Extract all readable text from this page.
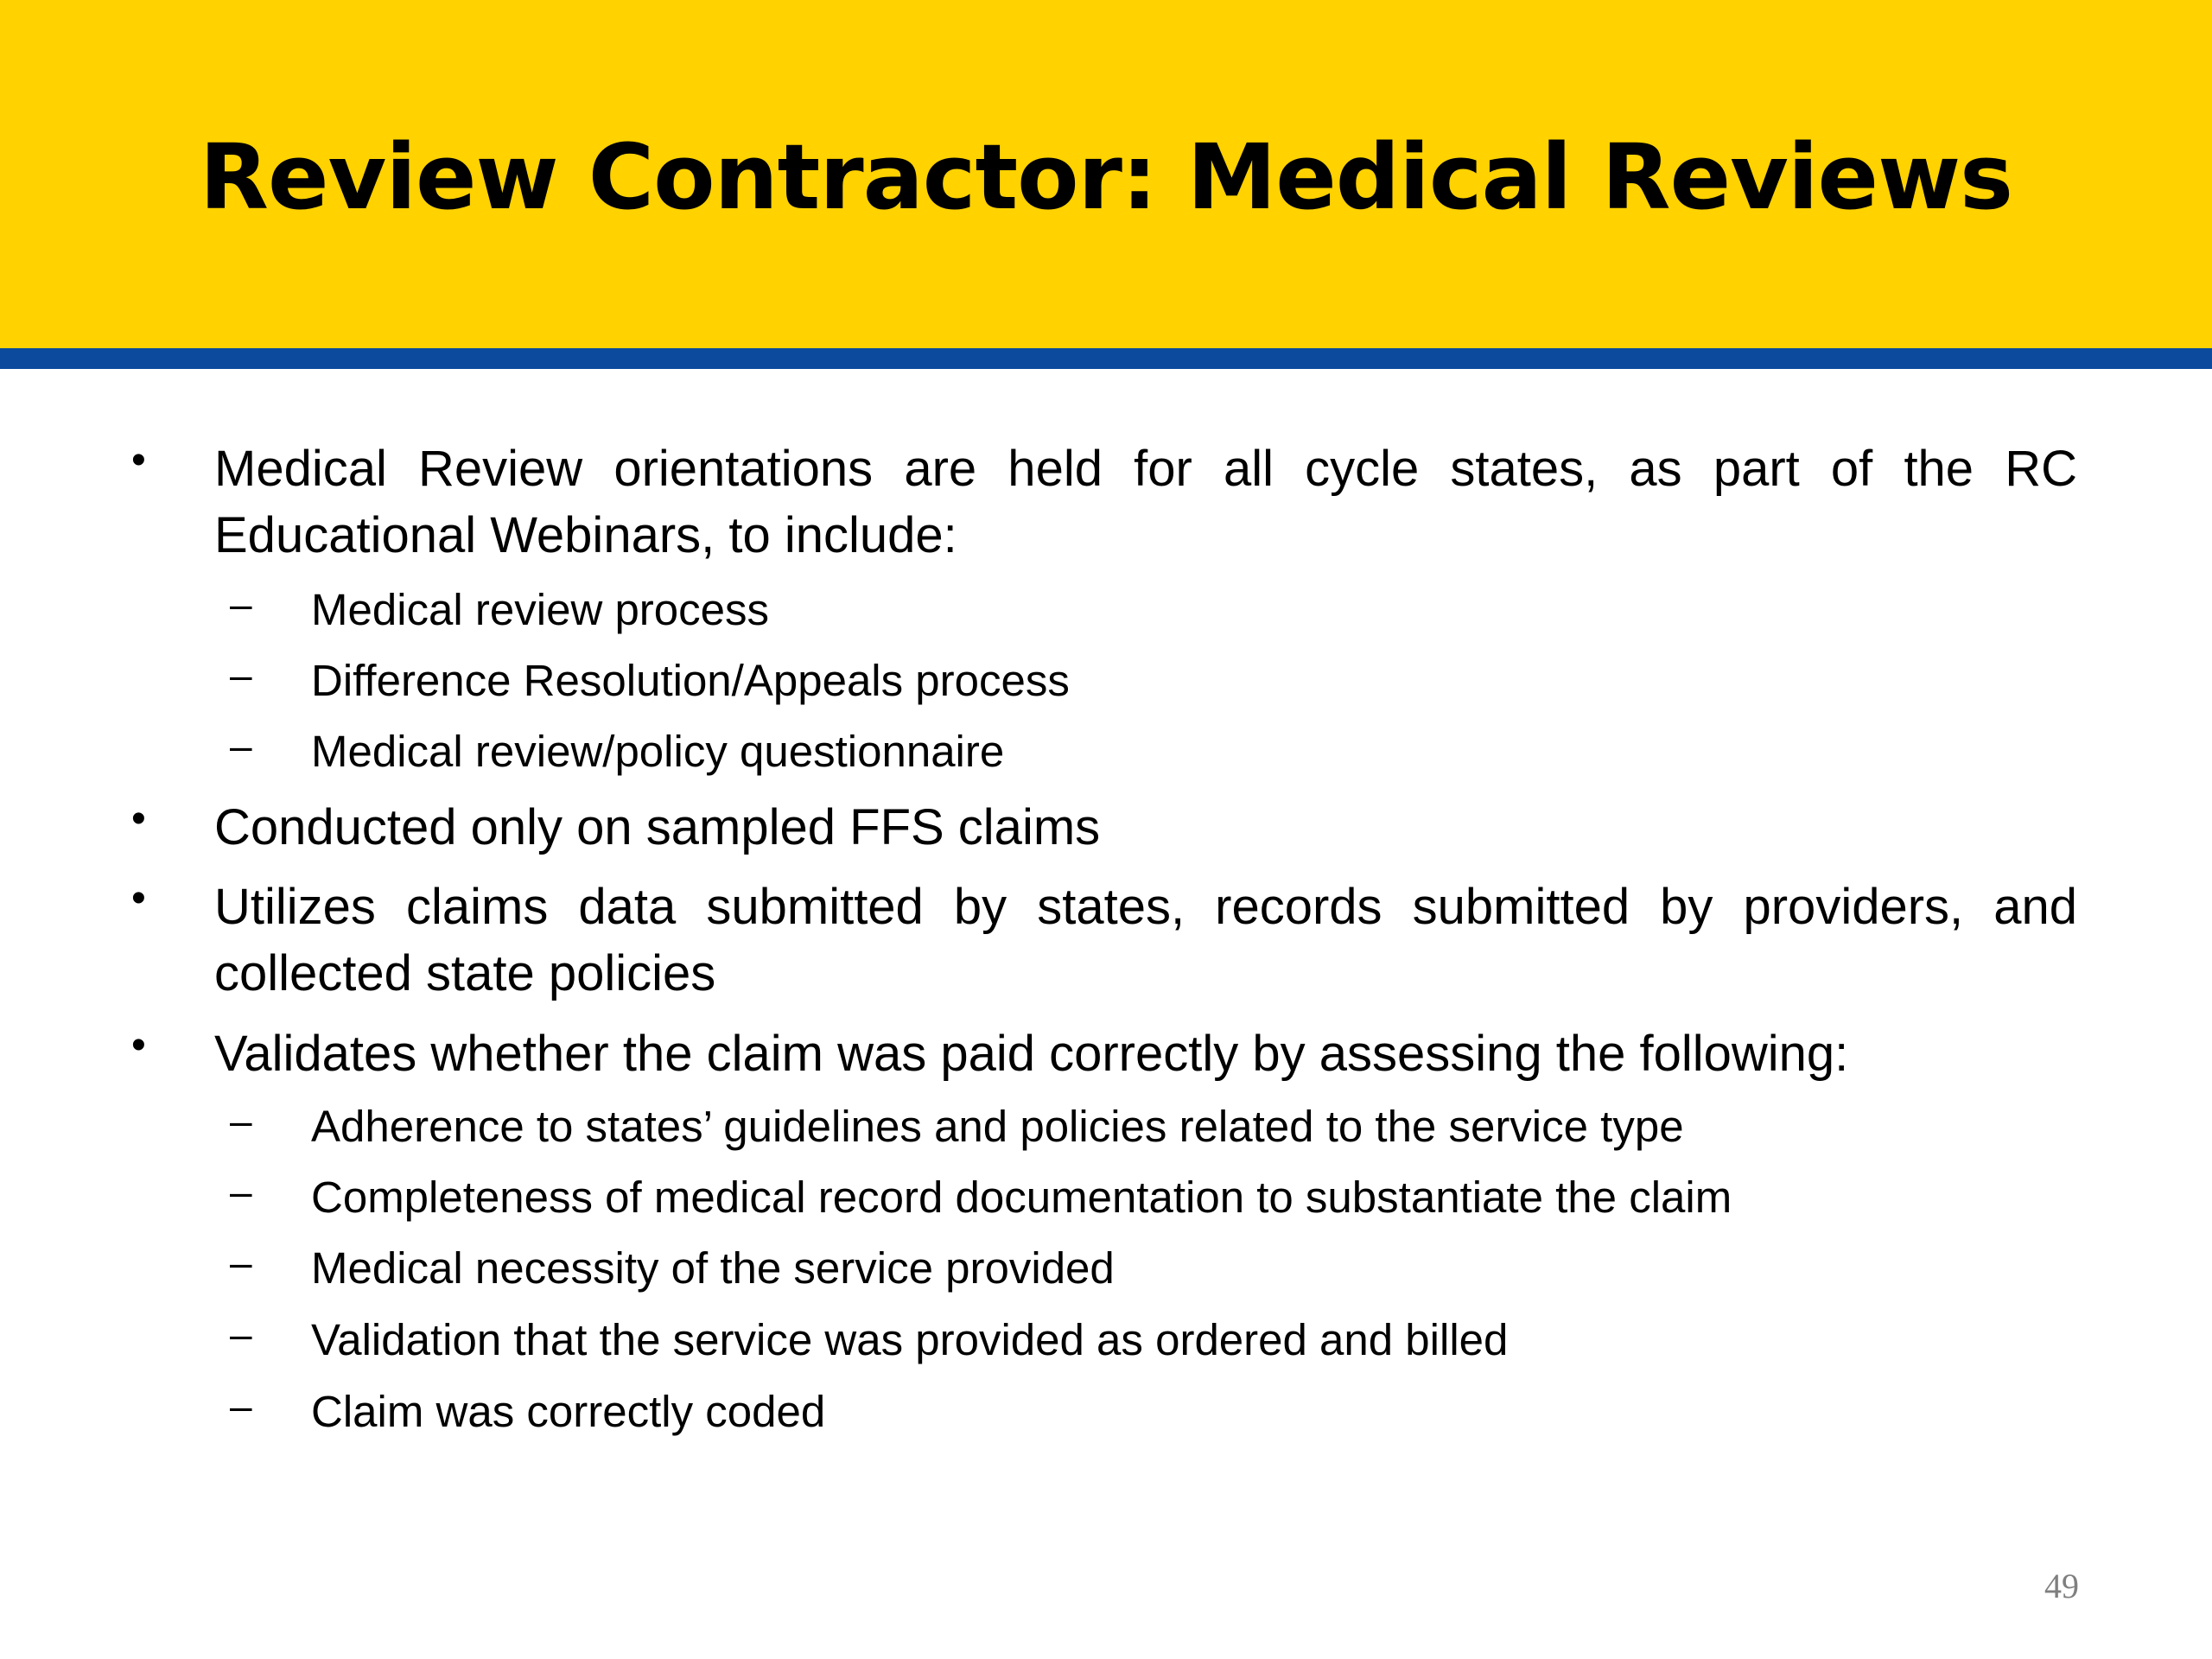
Review Contractor: Medical Reviews
• Medical Review orientations are held for all cycle states, as part of the RC
Educational Webinars, to include:
– Medical review process
– Difference Resolution/Appeals process
– Medical review/policy questionnaire
• Conducted only on sampled FFS claims
• Utilizes claims data submitted by states, records submitted by providers, and
collected state policies
• Validates whether the claim was paid correctly by assessing the following:
– Adherence to states’ guidelines and policies related to the service type
– Completeness of medical record documentation to substantiate the claim
– Medical necessity of the service provided
– Validation that the service was provided as ordered and billed
– Claim was correctly coded
49
